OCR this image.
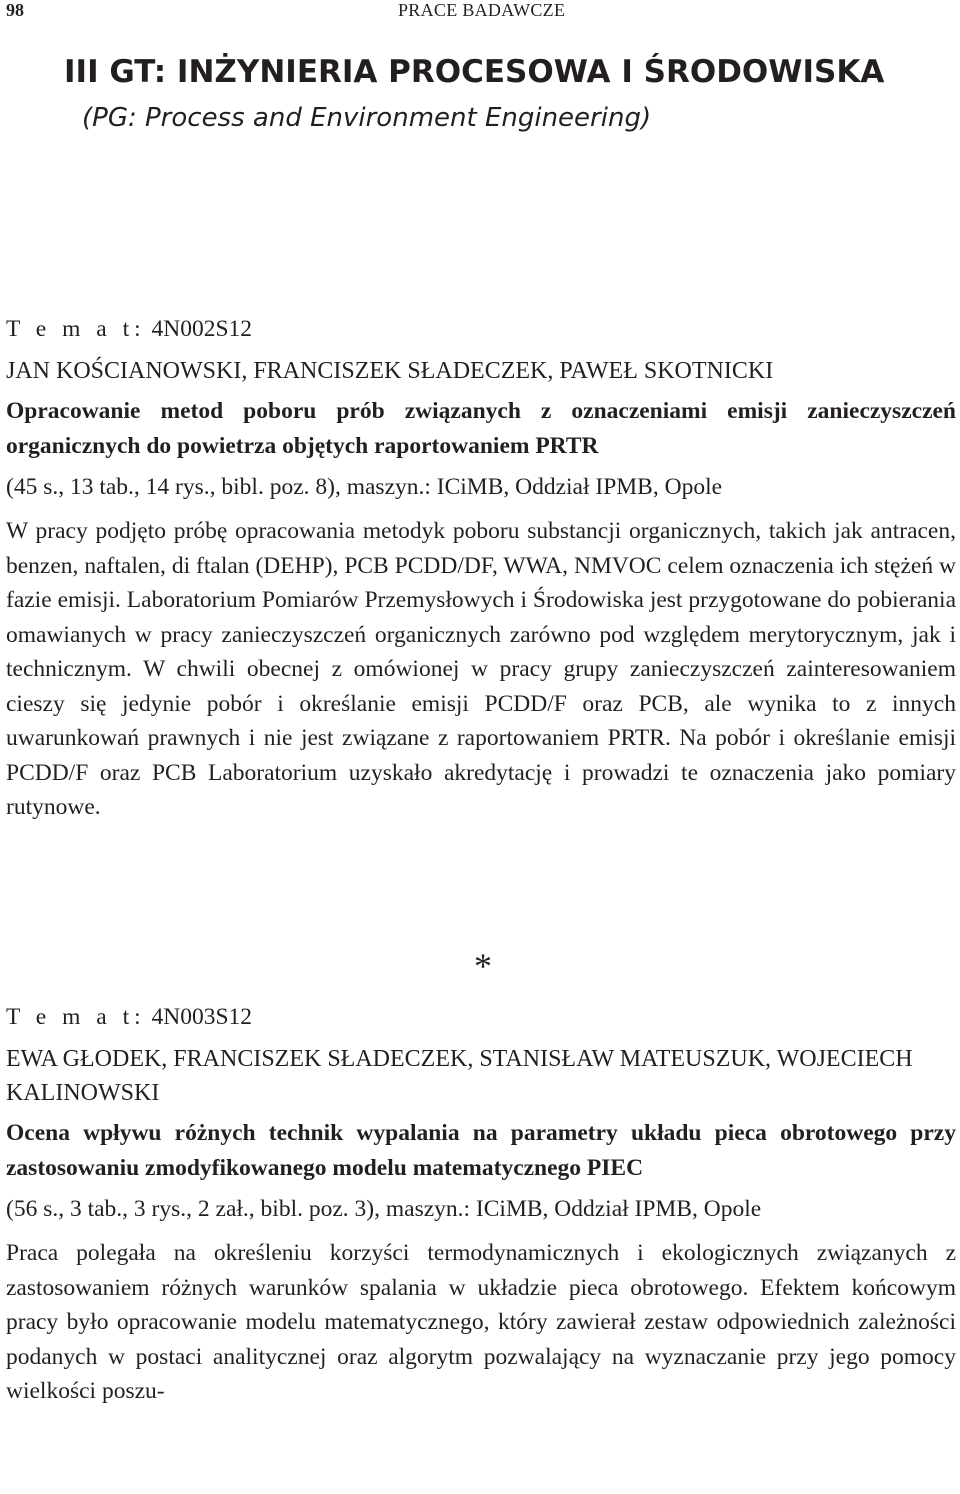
98	PRACE BADAWCZE
III GT: INŻYNIERIA PROCESOWA I ŚRODOWISKA
(PG: Process and Environment Engineering)

T e m a t: 4N002S12

JAN KOŚCIANOWSKI, FRANCISZEK SŁADECZEK, PAWEŁ SKOTNICKI

Opracowanie metod poboru prób związanych z oznaczeniami emisji zanieczyszczeń organicznych do powietrza objętych raportowaniem PRTR

(45 s., 13 tab., 14 rys., bibl. poz. 8), maszyn.: ICiMB, Oddział IPMB, Opole

W pracy podjęto próbę opracowania metodyk poboru substancji organicznych, takich jak antracen, benzen, naftalen, di ftalan (DEHP), PCB PCDD/DF, WWA, NMVOC celem oznaczenia ich stężeń w fazie emisji. Laboratorium Pomiarów Przemysłowych i Środowiska jest przygotowane do pobierania omawianych w pracy zanieczyszczeń organicznych zarówno pod względem merytorycznym, jak i technicznym. W chwili obecnej z omówionej w pracy grupy zanieczyszczeń zainteresowaniem cieszy się jedynie pobór i określanie emisji PCDD/F oraz PCB, ale wynika to z innych uwarunkowań prawnych i nie jest związane z raportowaniem PRTR. Na pobór i określanie emisji PCDD/F oraz PCB Laboratorium uzyskało akredytację i prowadzi te oznaczenia jako pomiary rutynowe.

*

T e m a t: 4N003S12

EWA GŁODEK, FRANCISZEK SŁADECZEK, STANISŁAW MATEUSZUK, WOJECIECH KALINOWSKI

Ocena wpływu różnych technik wypalania na parametry układu pieca obrotowego przy zastosowaniu zmodyfikowanego modelu matematycznego PIEC

(56 s., 3 tab., 3 rys., 2 zał., bibl. poz. 3), maszyn.: ICiMB, Oddział IPMB, Opole

Praca polegała na określeniu korzyści termodynamicznych i ekologicznych związanych z zastosowaniem różnych warunków spalania w układzie pieca obrotowego. Efektem końcowym pracy było opracowanie modelu matematycznego, który zawierał zestaw odpowiednich zależności podanych w postaci analitycznej oraz algorytm pozwalający na wyznaczanie przy jego pomocy wielkości poszu-
